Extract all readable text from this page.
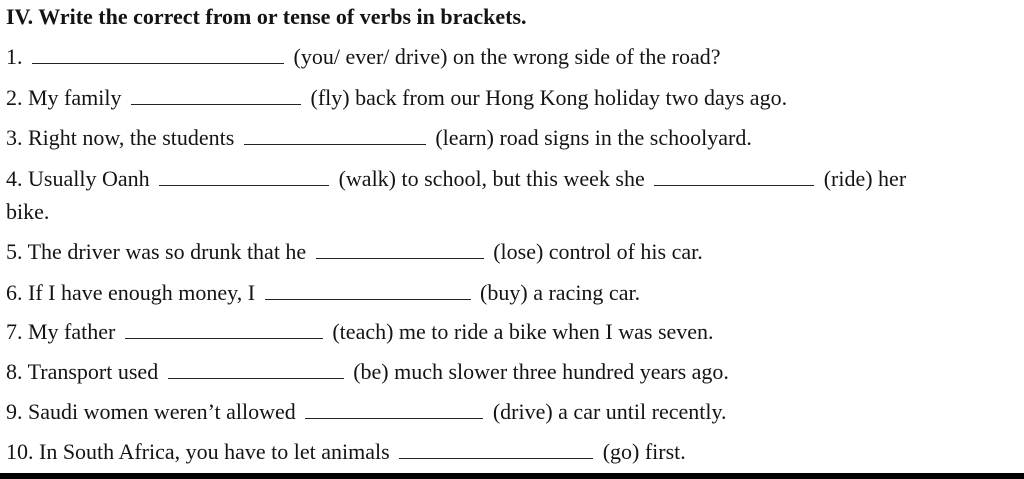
IV. Write the correct from or tense of verbs in brackets.
1.	(you/ ever/ drive) on the wrong side of the road?
2. My family	(fly) back from our Hong Kong holiday two days ago.
3. Right now, the students	(learn) road signs in the schoolyard.
4. Usually Oanh	(walk) to school, but this week she	(ride) her
bike.
5. The driver was so drunk that he	(lose) control of his car.
6. If I have enough money, I	(buy) a racing car.
7. My father	(teach) me to ride a bike when I was seven.
8. Transport used	(be) much slower three hundred years ago.
9. Saudi women weren’t allowed	(drive) a car until recently.
10. In South Africa, you have to let animals	(go) first.
